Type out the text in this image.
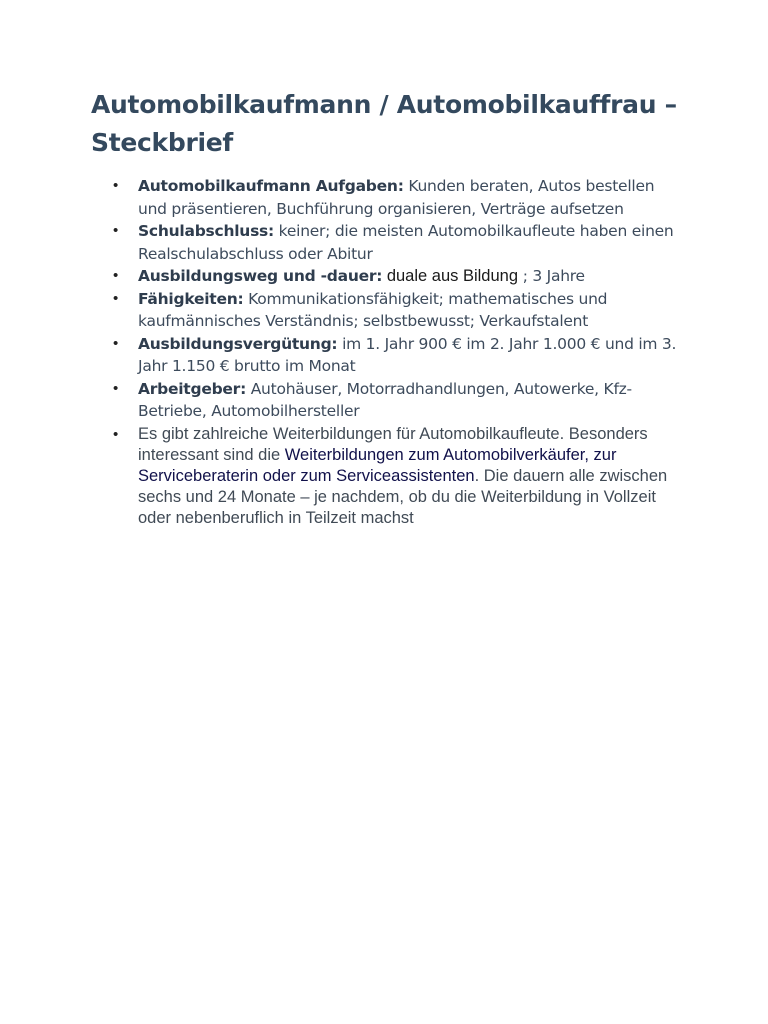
Automobilkaufmann / Automobilkauffrau – Steckbrief
• Automobilkaufmann Aufgaben: Kunden beraten, Autos bestellen und präsentieren, Buchführung organisieren, Verträge aufsetzen
• Schulabschluss: keiner; die meisten Automobilkaufleute haben einen Realschulabschluss oder Abitur
• Ausbildungsweg und -dauer: duale aus Bildung ; 3 Jahre
• Fähigkeiten: Kommunikationsfähigkeit; mathematisches und kaufmännisches Verständnis; selbstbewusst; Verkaufstalent
• Ausbildungsvergütung: im 1. Jahr 900 € im 2. Jahr 1.000 € und im 3. Jahr 1.150 € brutto im Monat
• Arbeitgeber: Autohäuser, Motorradhandlungen, Autowerke, Kfz-Betriebe, Automobilhersteller
• Es gibt zahlreiche Weiterbildungen für Automobilkaufleute. Besonders interessant sind die Weiterbildungen zum Automobilverkäufer, zur Serviceberaterin oder zum Serviceassistenten. Die dauern alle zwischen sechs und 24 Monate – je nachdem, ob du die Weiterbildung in Vollzeit oder nebenberuflich in Teilzeit machst
